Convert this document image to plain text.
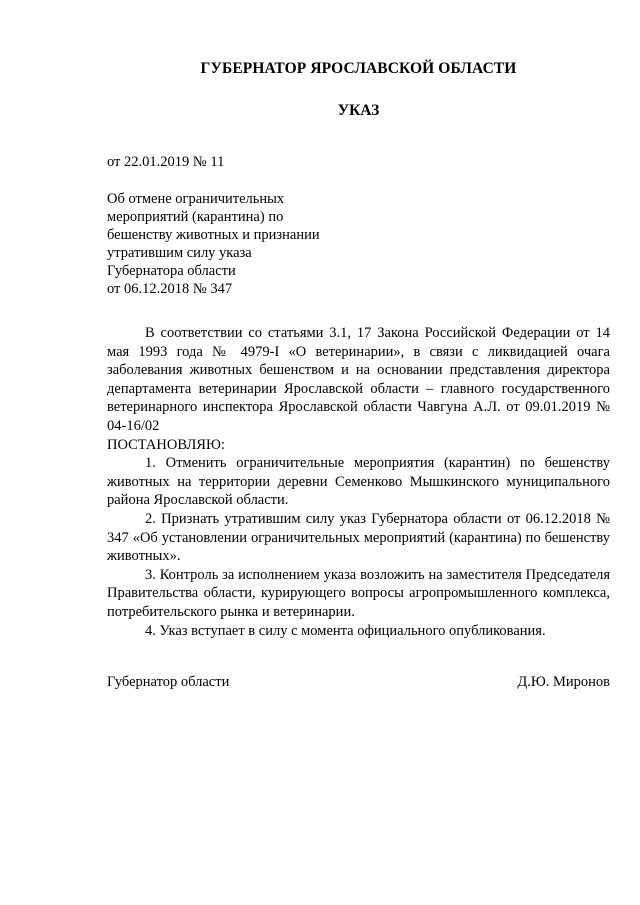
ГУБЕРНАТОР ЯРОСЛАВСКОЙ ОБЛАСТИ
УКАЗ
от 22.01.2019 № 11
Об отмене ограничительных
мероприятий (карантина) по
бешенству животных и признании
утратившим силу указа
Губернатора области
от 06.12.2018 № 347

В соответствии со статьями 3.1, 17 Закона Российской Федерации от 14 мая 1993 года № 4979-I «О ветеринарии», в связи с ликвидацией очага заболевания животных бешенством и на основании представления директора департамента ветеринарии Ярославской области – главного государственного ветеринарного инспектора Ярославской области Чавгуна А.Л. от 09.01.2019 № 04-16/02

ПОСТАНОВЛЯЮ:

1. Отменить ограничительные мероприятия (карантин) по бешенству животных на территории деревни Семенково Мышкинского муниципального района Ярославской области.

2. Признать утратившим силу указ Губернатора области от 06.12.2018 № 347 «Об установлении ограничительных мероприятий (карантина) по бешенству животных».

3. Контроль за исполнением указа возложить на заместителя Председателя Правительства области, курирующего вопросы агропромышленного комплекса, потребительского рынка и ветеринарии.

4. Указ вступает в силу с момента официального опубликования.

Губернатор области	Д.Ю. Миронов
